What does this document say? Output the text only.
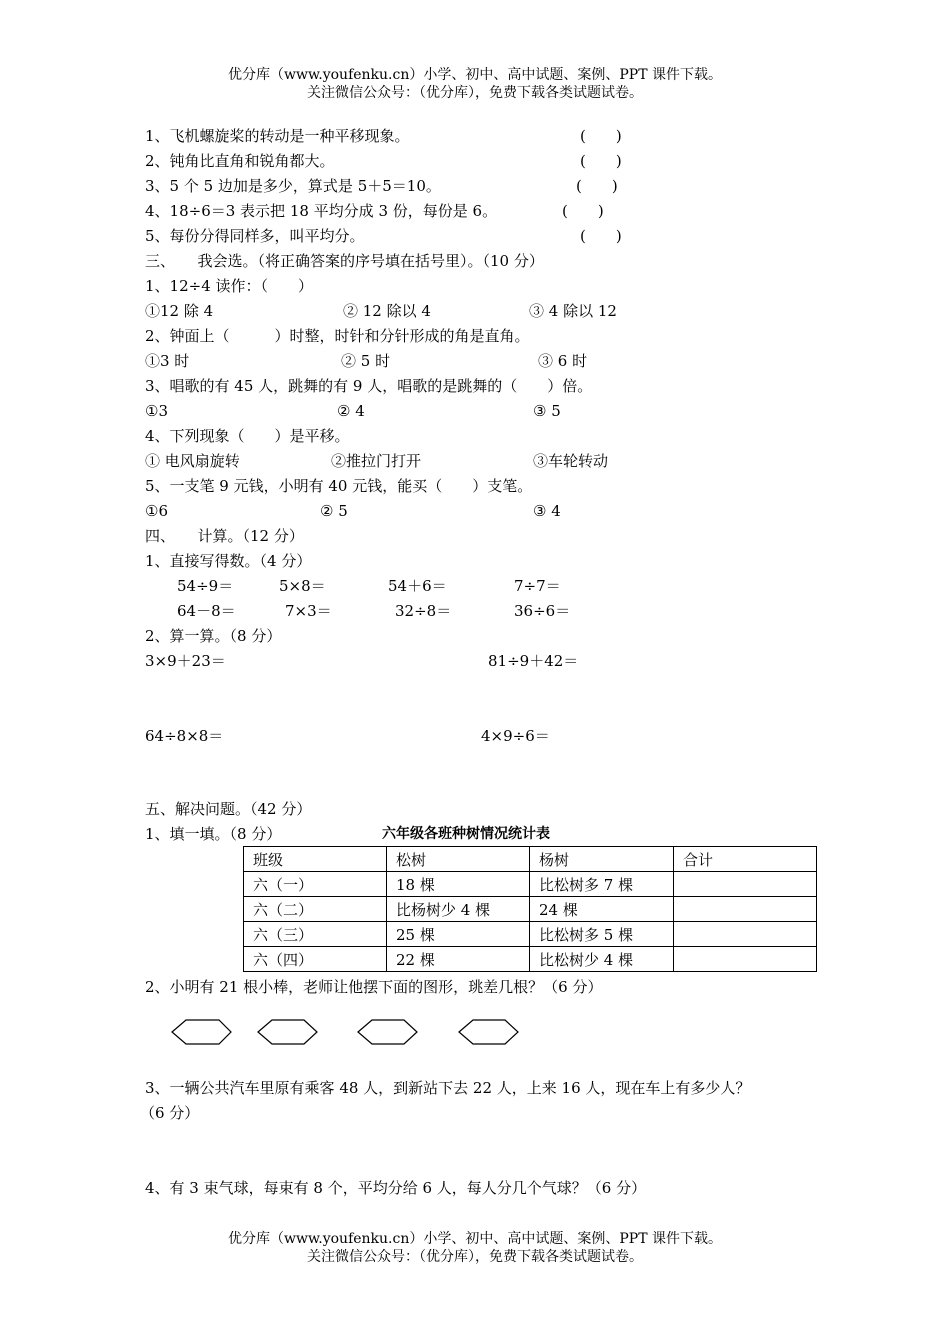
优分库（www.youfenku.cn）小学、初中、高中试题、案例、PPT 课件下载。
关注微信公众号：（优分库），免费下载各类试题试卷。
1、飞机螺旋桨的转动是一种平移现象。	(　　)
2、钝角比直角和锐角都大。	(　　)
3、5 个 5 边加是多少，算式是 5＋5＝10。	(　　)
4、18÷6＝3 表示把 18 平均分成 3 份，每份是 6。	(　　)
5、每份分得同样多，叫平均分。	(　　)
三、　　我会选。（将正确答案的序号填在括号里）。（10 分）
1、12÷4 读作：（　　）
①12 除 4	② 12 除以 4	③ 4 除以 12
2、钟面上（　　　）时整，时针和分针形成的角是直角。
①3 时	② 5 时	③ 6 时
3、唱歌的有 45 人，跳舞的有 9 人，唱歌的是跳舞的（　　）倍。
①3	② 4	③ 5
4、下列现象（　　）是平移。
① 电风扇旋转	②推拉门打开	③车轮转动
5、一支笔 9 元钱，小明有 40 元钱，能买（　　）支笔。
①6	② 5	③ 4
四、　　计算。（12 分）
1、直接写得数。（4 分）
54÷9＝	5×8＝	54＋6＝	7÷7＝
64－8＝	7×3＝	32÷8＝	36÷6＝
2、算一算。（8 分）
3×9＋23＝	81÷9＋42＝
64÷8×8＝	4×9÷6＝
五、解决问题。（42 分）
1、填一填。（8 分）	六年级各班种树情况统计表
班级	松树	杨树	合计
六（一）	18 棵	比松树多 7 棵	
六（二）	比杨树少 4 棵	24 棵	
六（三）	25 棵	比松树多 5 棵	
六（四）	22 棵	比松树少 4 棵	
2、小明有 21 根小棒，老师让他摆下面的图形，珧差几根？（6 分）
3、一辆公共汽车里原有乘客 48 人，到新站下去 22 人，上来 16 人，现在车上有多少人？
（6 分）
4、有 3 束气球，每束有 8 个，平均分给 6 人，每人分几个气球？（6 分）
优分库（www.youfenku.cn）小学、初中、高中试题、案例、PPT 课件下载。
关注微信公众号：（优分库），免费下载各类试题试卷。
